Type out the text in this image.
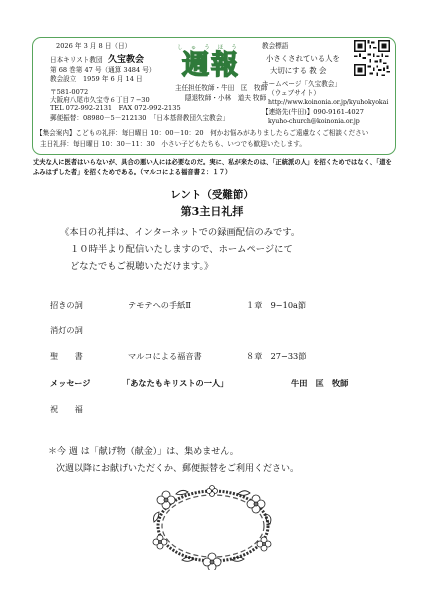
2026 年 3 月 8 日（日）
日本キリスト教団 久宝教会
第 68 巻第 47 号（通算 3484 号）
教会設立　1959 年 6 月 14 日
〒581-0072
大阪府八尾市久宝寺６丁目７−30
TEL 072-992-2131　FAX 072-992-2135
郵便振替：08980－5－212130　「日本基督教団久宝教会」
しゅうほう
週報
主任担任牧師・牛田　匡　牧師
隠退牧師・小林　道夫 牧師
教会標語
小さくされている人を
大切にする 教 会
ホームページ「久宝教会」
（ウェブサイト）
http://www.koinonia.or.jp/kyuhokyokai
【連絡先(牛田)】090-9161-4027
kyuho-church@koinonia.or.jp
【集会案内】こどもの礼拝：毎日曜日 10：00－10：20　何かお悩みがありましたらご遠慮なくご相談ください
主日礼拝：毎日曜日 10：30－11：30　小さい子どもたちも、いつでも歓迎いたします。
丈夫な人に医者はいらないが、具合の悪い人には必要なのだ。実に、私が来たのは、「正統派の人」を招くためではなく、「道をふみはずした者」を招くためである。（マルコによる福音書２：１７）
レント（受難節）
第3主日礼拝
《本日の礼拝は、インターネットでの録画配信のみです。
１０時半より配信いたしますので、ホームページにて
どなたでもご視聴いただけます。》
招きの詞	テモテへの手紙Ⅱ	１章　9−10a節
消灯の詞
聖　　書	マルコによる福音書	８章　27−33節
メッセージ	「あなたもキリストの一人」	牛田　匡　牧師
祝　　福
＊今 週 は「献げ物（献金）」は、集めません。
次週以降にお献げいただくか、郵便振替をご利用ください。
